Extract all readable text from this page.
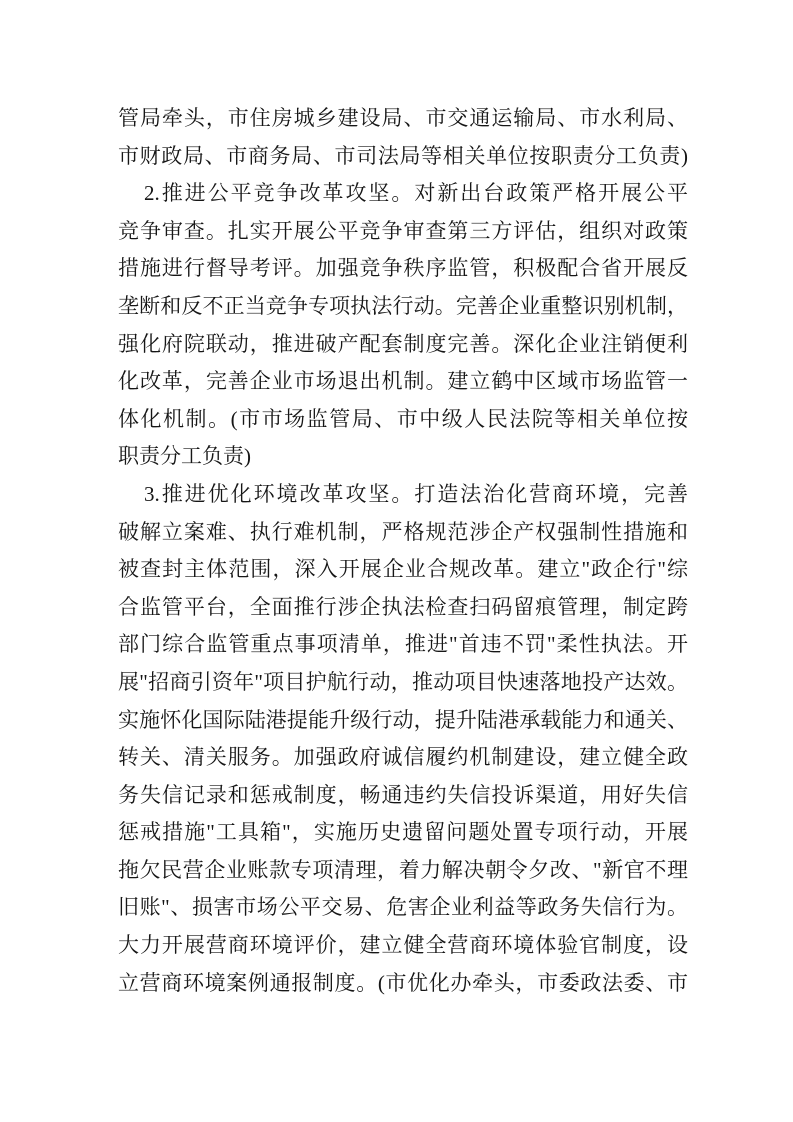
管局牵头，市住房城乡建设局、市交通运输局、市水利局、
市财政局、市商务局、市司法局等相关单位按职责分工负责)
2.推进公平竞争改革攻坚。对新出台政策严格开展公平
竞争审查。扎实开展公平竞争审查第三方评估，组织对政策
措施进行督导考评。加强竞争秩序监管，积极配合省开展反
垄断和反不正当竞争专项执法行动。完善企业重整识别机制，
强化府院联动，推进破产配套制度完善。深化企业注销便利
化改革，完善企业市场退出机制。建立鹤中区域市场监管一
体化机制。(市市场监管局、市中级人民法院等相关单位按
职责分工负责)
3.推进优化环境改革攻坚。打造法治化营商环境，完善
破解立案难、执行难机制，严格规范涉企产权强制性措施和
被查封主体范围，深入开展企业合规改革。建立"政企行"综
合监管平台，全面推行涉企执法检查扫码留痕管理，制定跨
部门综合监管重点事项清单，推进"首违不罚"柔性执法。开
展"招商引资年"项目护航行动，推动项目快速落地投产达效。
实施怀化国际陆港提能升级行动，提升陆港承载能力和通关、
转关、清关服务。加强政府诚信履约机制建设，建立健全政
务失信记录和惩戒制度，畅通违约失信投诉渠道，用好失信
惩戒措施"工具箱"，实施历史遗留问题处置专项行动，开展
拖欠民营企业账款专项清理，着力解决朝令夕改、"新官不理
旧账"、损害市场公平交易、危害企业利益等政务失信行为。
大力开展营商环境评价，建立健全营商环境体验官制度，设
立营商环境案例通报制度。(市优化办牵头，市委政法委、市
